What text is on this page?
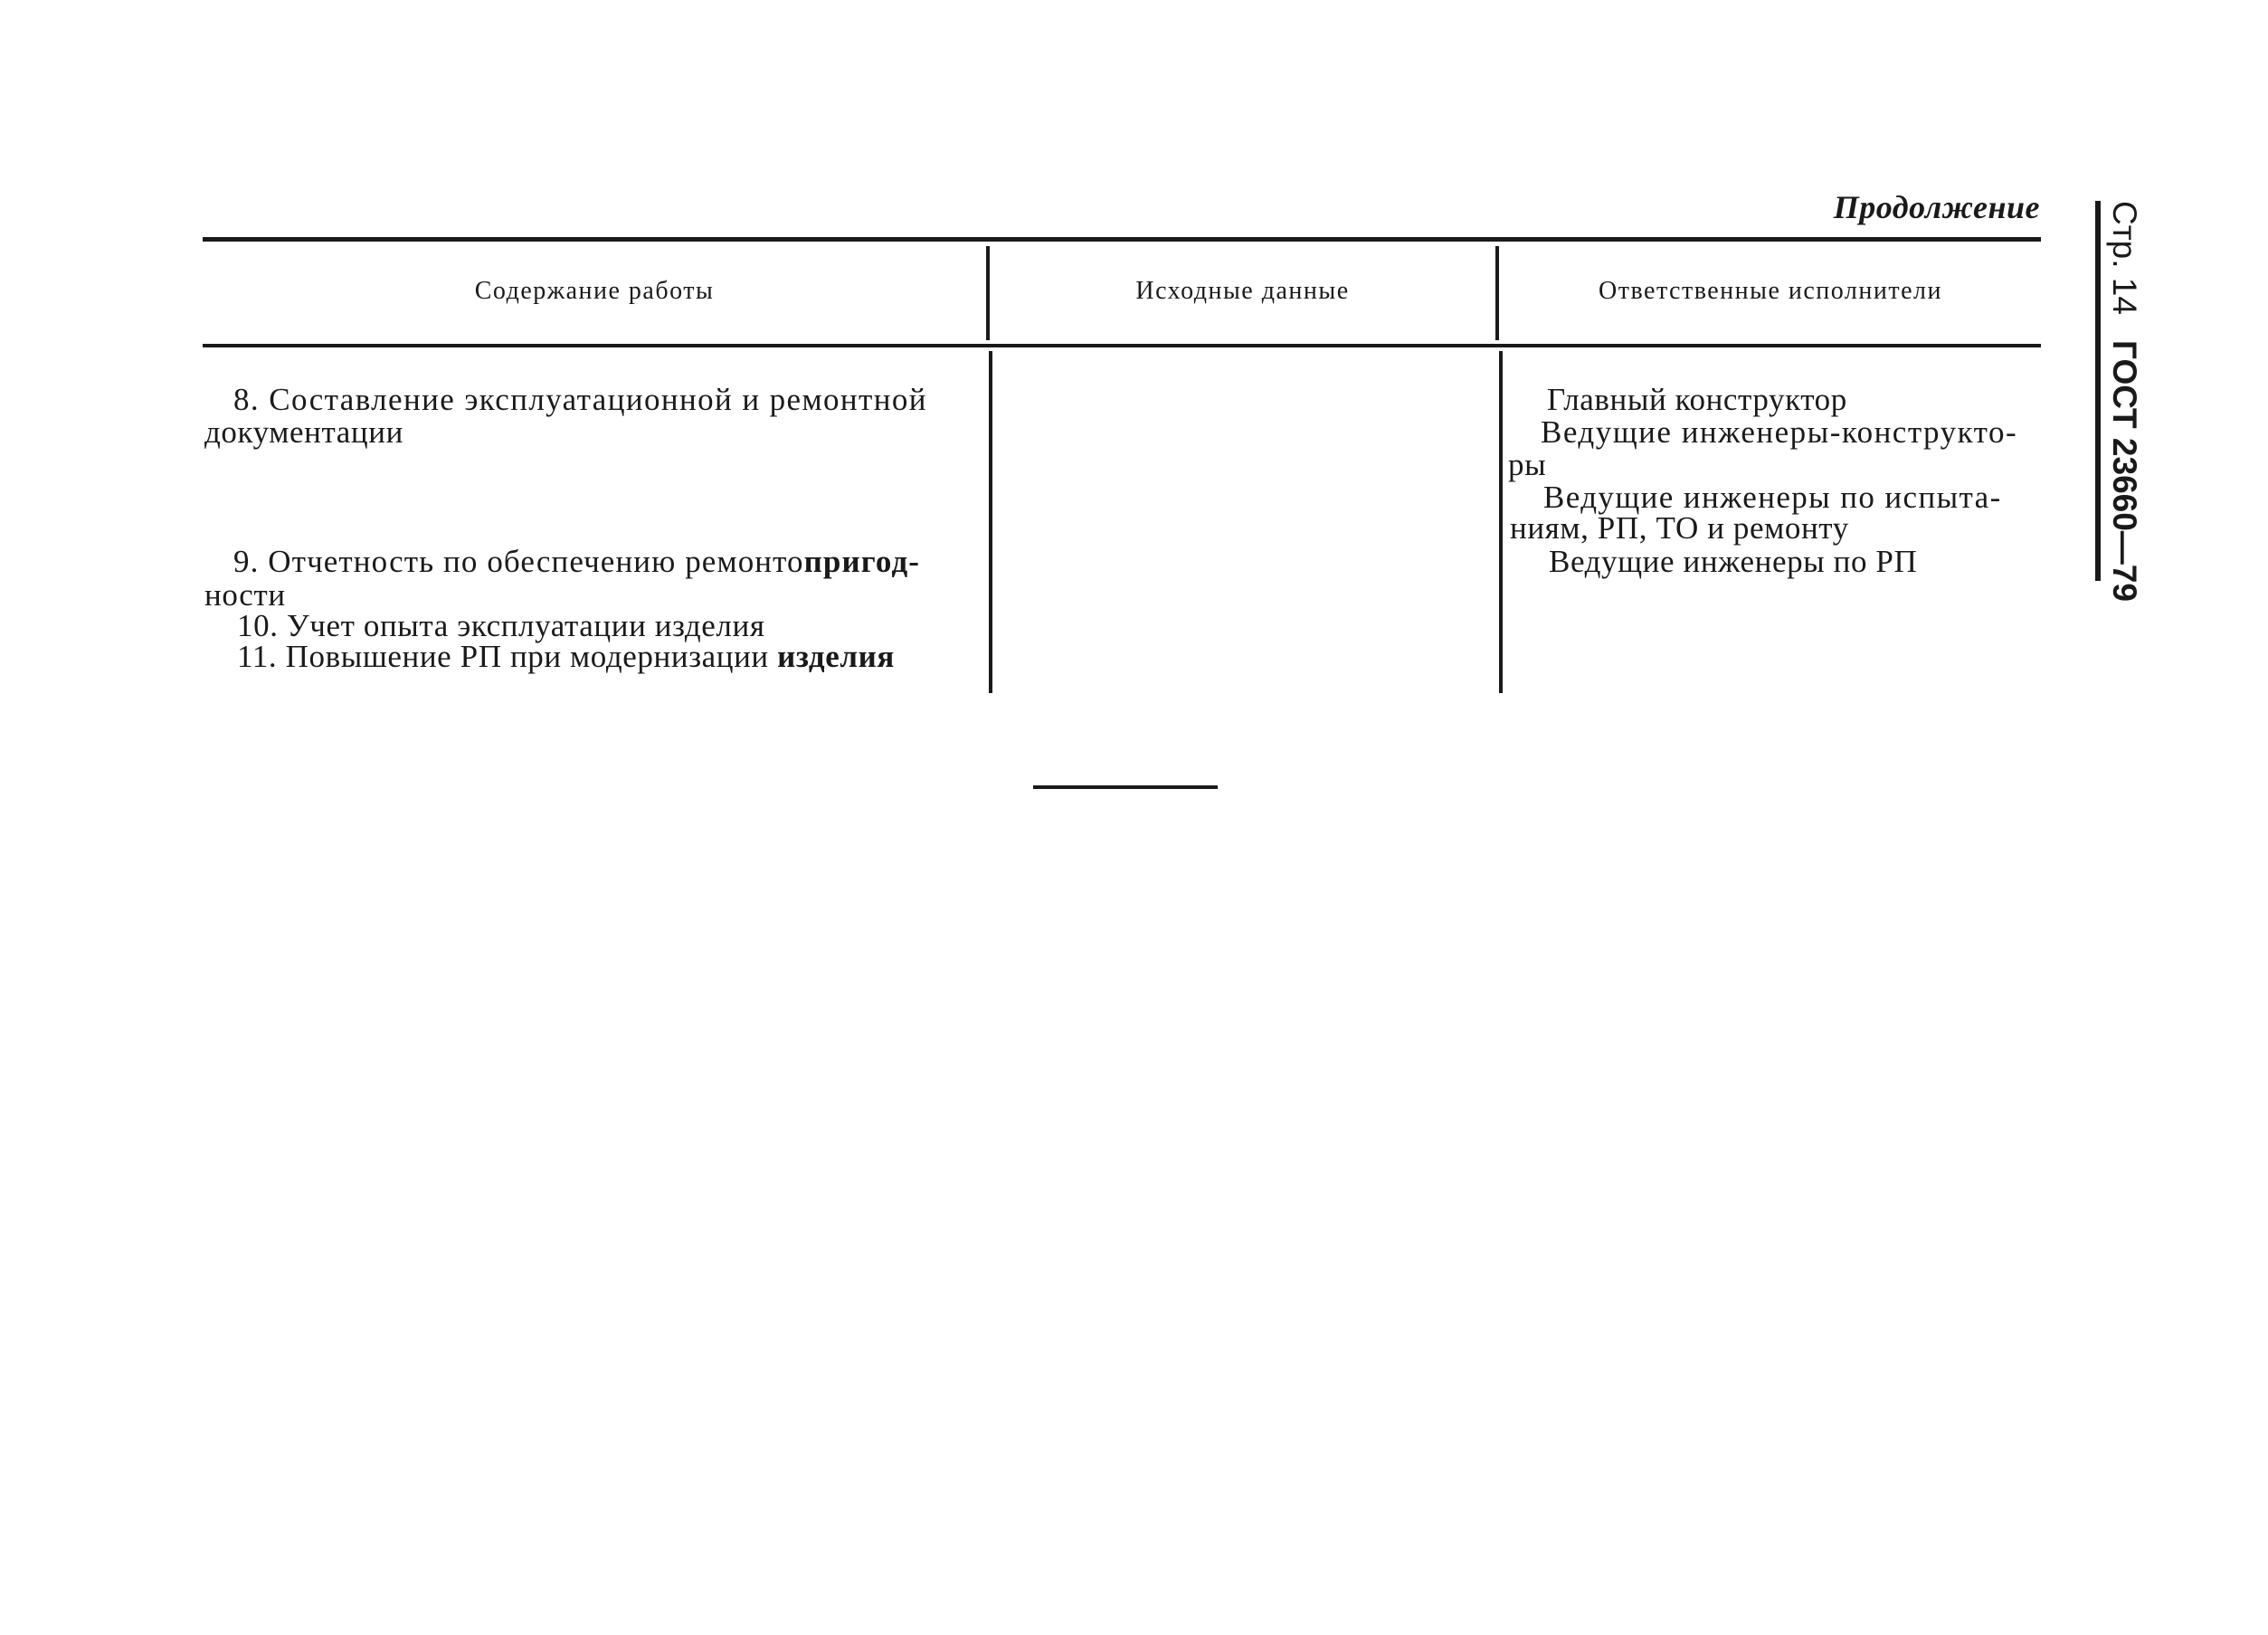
Продолжение
Содержание работы	Исходные данные	Ответственные исполнители
8. Составление эксплуатационной и ремонтной
документации
9. Отчетность по обеспечению ремонтопригод-
ности
10. Учет опыта эксплуатации изделия
11. Повышение РП при модернизации изделия
Главный конструктор
Ведущие инженеры-конструкто-
ры
Ведущие инженеры по испыта-
ниям, РП, ТО и ремонту
Ведущие инженеры по РП
Стр. 14ГОСТ 23660—79
